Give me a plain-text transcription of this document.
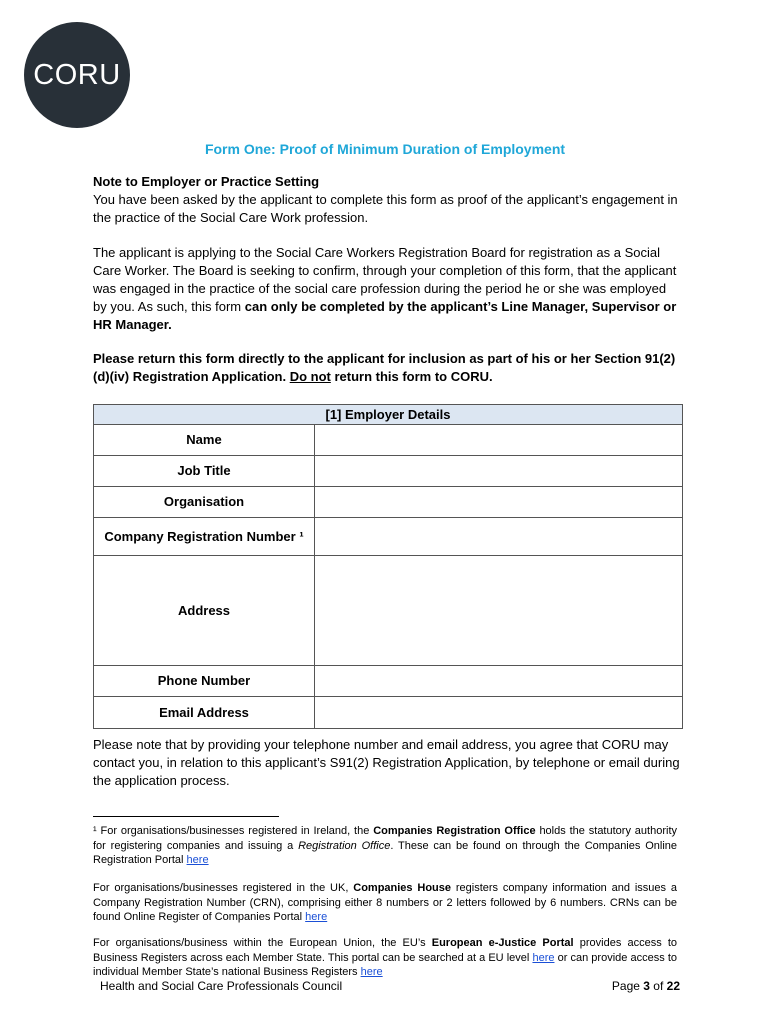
CORU
Form One: Proof of Minimum Duration of Employment
Note to Employer or Practice Setting
You have been asked by the applicant to complete this form as proof of the applicant’s engagement in the practice of the Social Care Work profession.
The applicant is applying to the Social Care Workers Registration Board for registration as a Social Care Worker. The Board is seeking to confirm, through your completion of this form, that the applicant was engaged in the practice of the social care profession during the period he or she was employed by you. As such, this form can only be completed by the applicant’s Line Manager, Supervisor or HR Manager.
Please return this form directly to the applicant for inclusion as part of his or her Section 91(2)(d)(iv) Registration Application. Do not return this form to CORU.
[1] Employer Details	
Name	
Job Title	
Organisation	
Company Registration Number ¹	
Address	
Phone Number	
Email Address	
Please note that by providing your telephone number and email address, you agree that CORU may contact you, in relation to this applicant’s S91(2) Registration Application, by telephone or email during the application process.
¹ For organisations/businesses registered in Ireland, the Companies Registration Office holds the statutory authority for registering companies and issuing a Registration Office. These can be found on through the Companies Online Registration Portal here
For organisations/businesses registered in the UK, Companies House registers company information and issues a Company Registration Number (CRN), comprising either 8 numbers or 2 letters followed by 6 numbers. CRNs can be found Online Register of Companies Portal here
For organisations/business within the European Union, the EU’s European e-Justice Portal provides access to Business Registers across each Member State. This portal can be searched at a EU level here or can provide access to individual Member State’s national Business Registers here
Health and Social Care Professionals Council	Page 3 of 22
